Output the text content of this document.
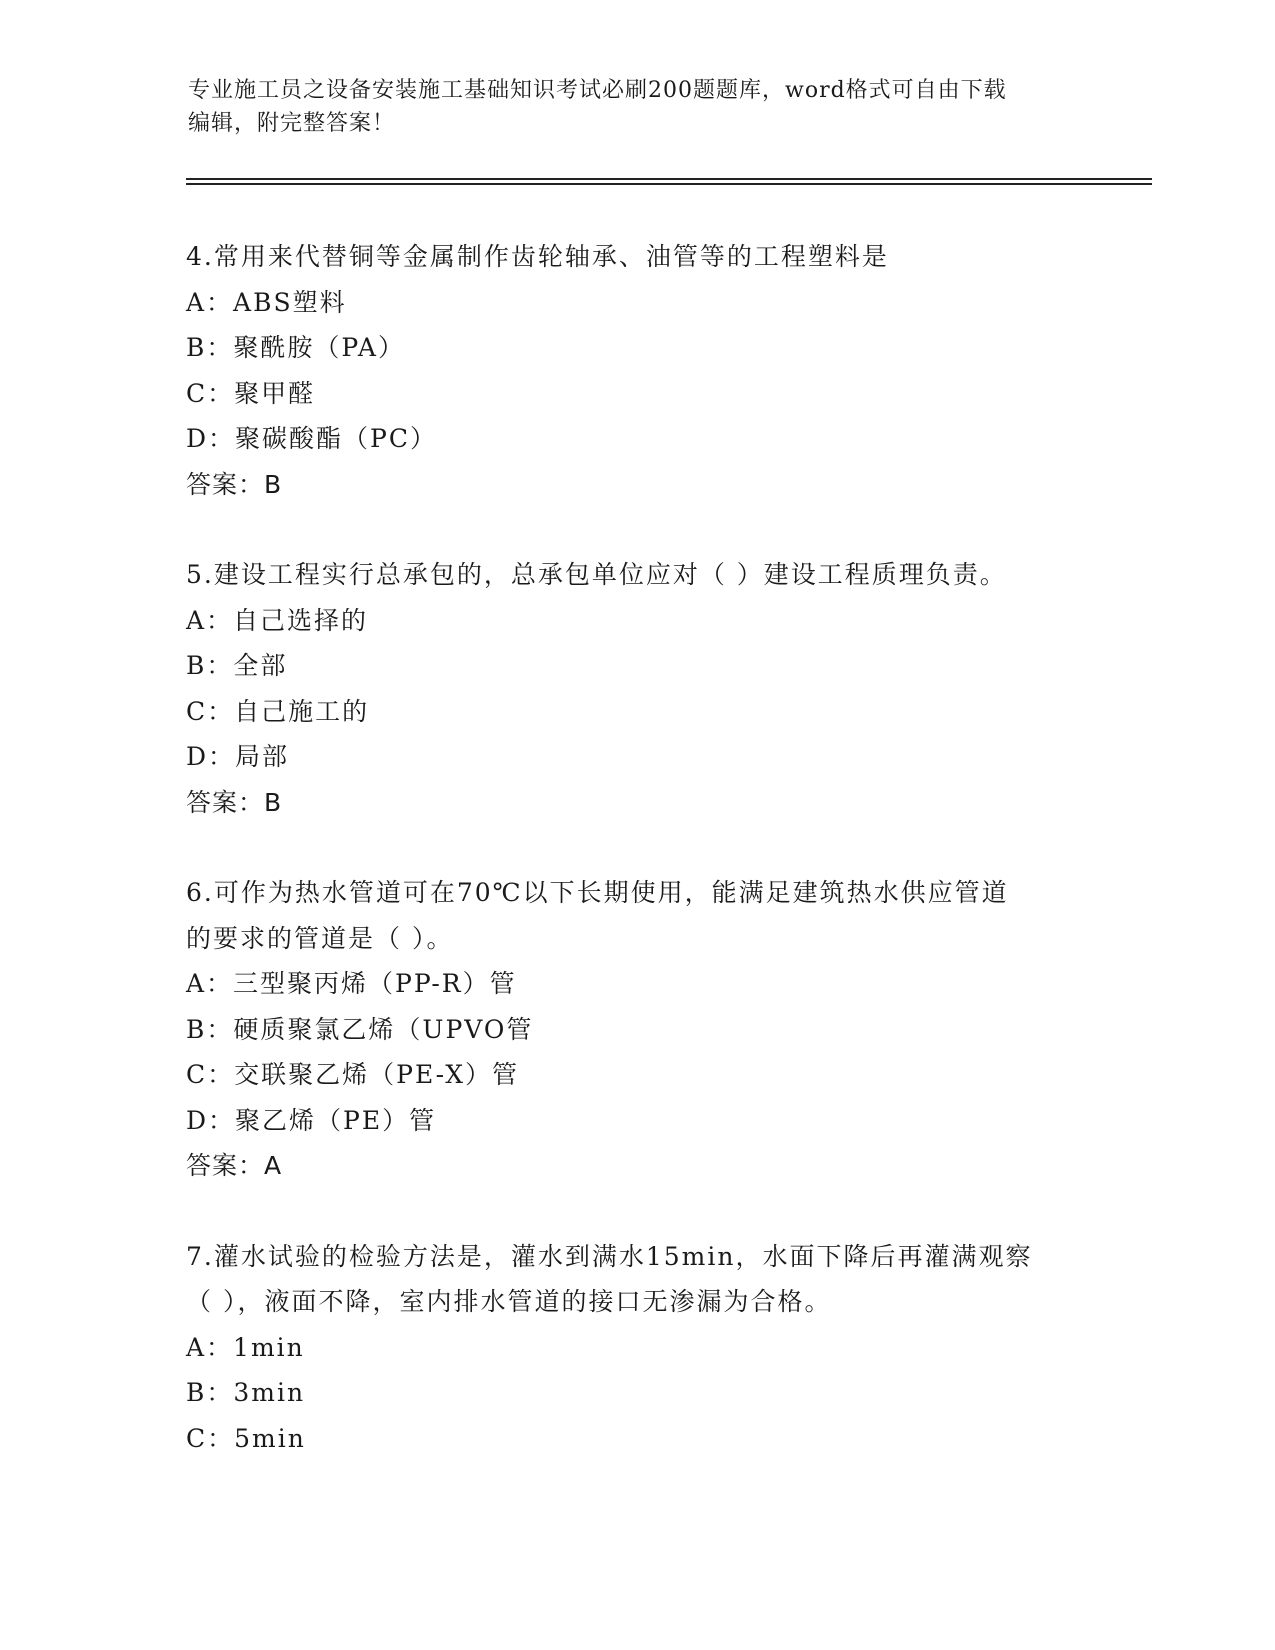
专业施工员之设备安装施工基础知识考试必刷200题题库，word格式可自由下载
编辑，附完整答案！
4.常用来代替铜等金属制作齿轮轴承、油管等的工程塑料是
A：ABS塑料
B：聚酰胺（PA）
C：聚甲醛
D：聚碳酸酯（PC）
答案：B
5.建设工程实行总承包的，总承包单位应对（ ）建设工程质理负责。
A：自己选择的
B：全部
C：自己施工的
D：局部
答案：B
6.可作为热水管道可在70℃以下长期使用，能满足建筑热水供应管道
的要求的管道是（ ）。
A：三型聚丙烯（PP-R）管
B：硬质聚氯乙烯（UPVO管
C：交联聚乙烯（PE-X）管
D：聚乙烯（PE）管
答案：A
7.灌水试验的检验方法是，灌水到满水15min，水面下降后再灌满观察
（ ），液面不降，室内排水管道的接口无渗漏为合格。
A：1min
B：3min
C：5min
